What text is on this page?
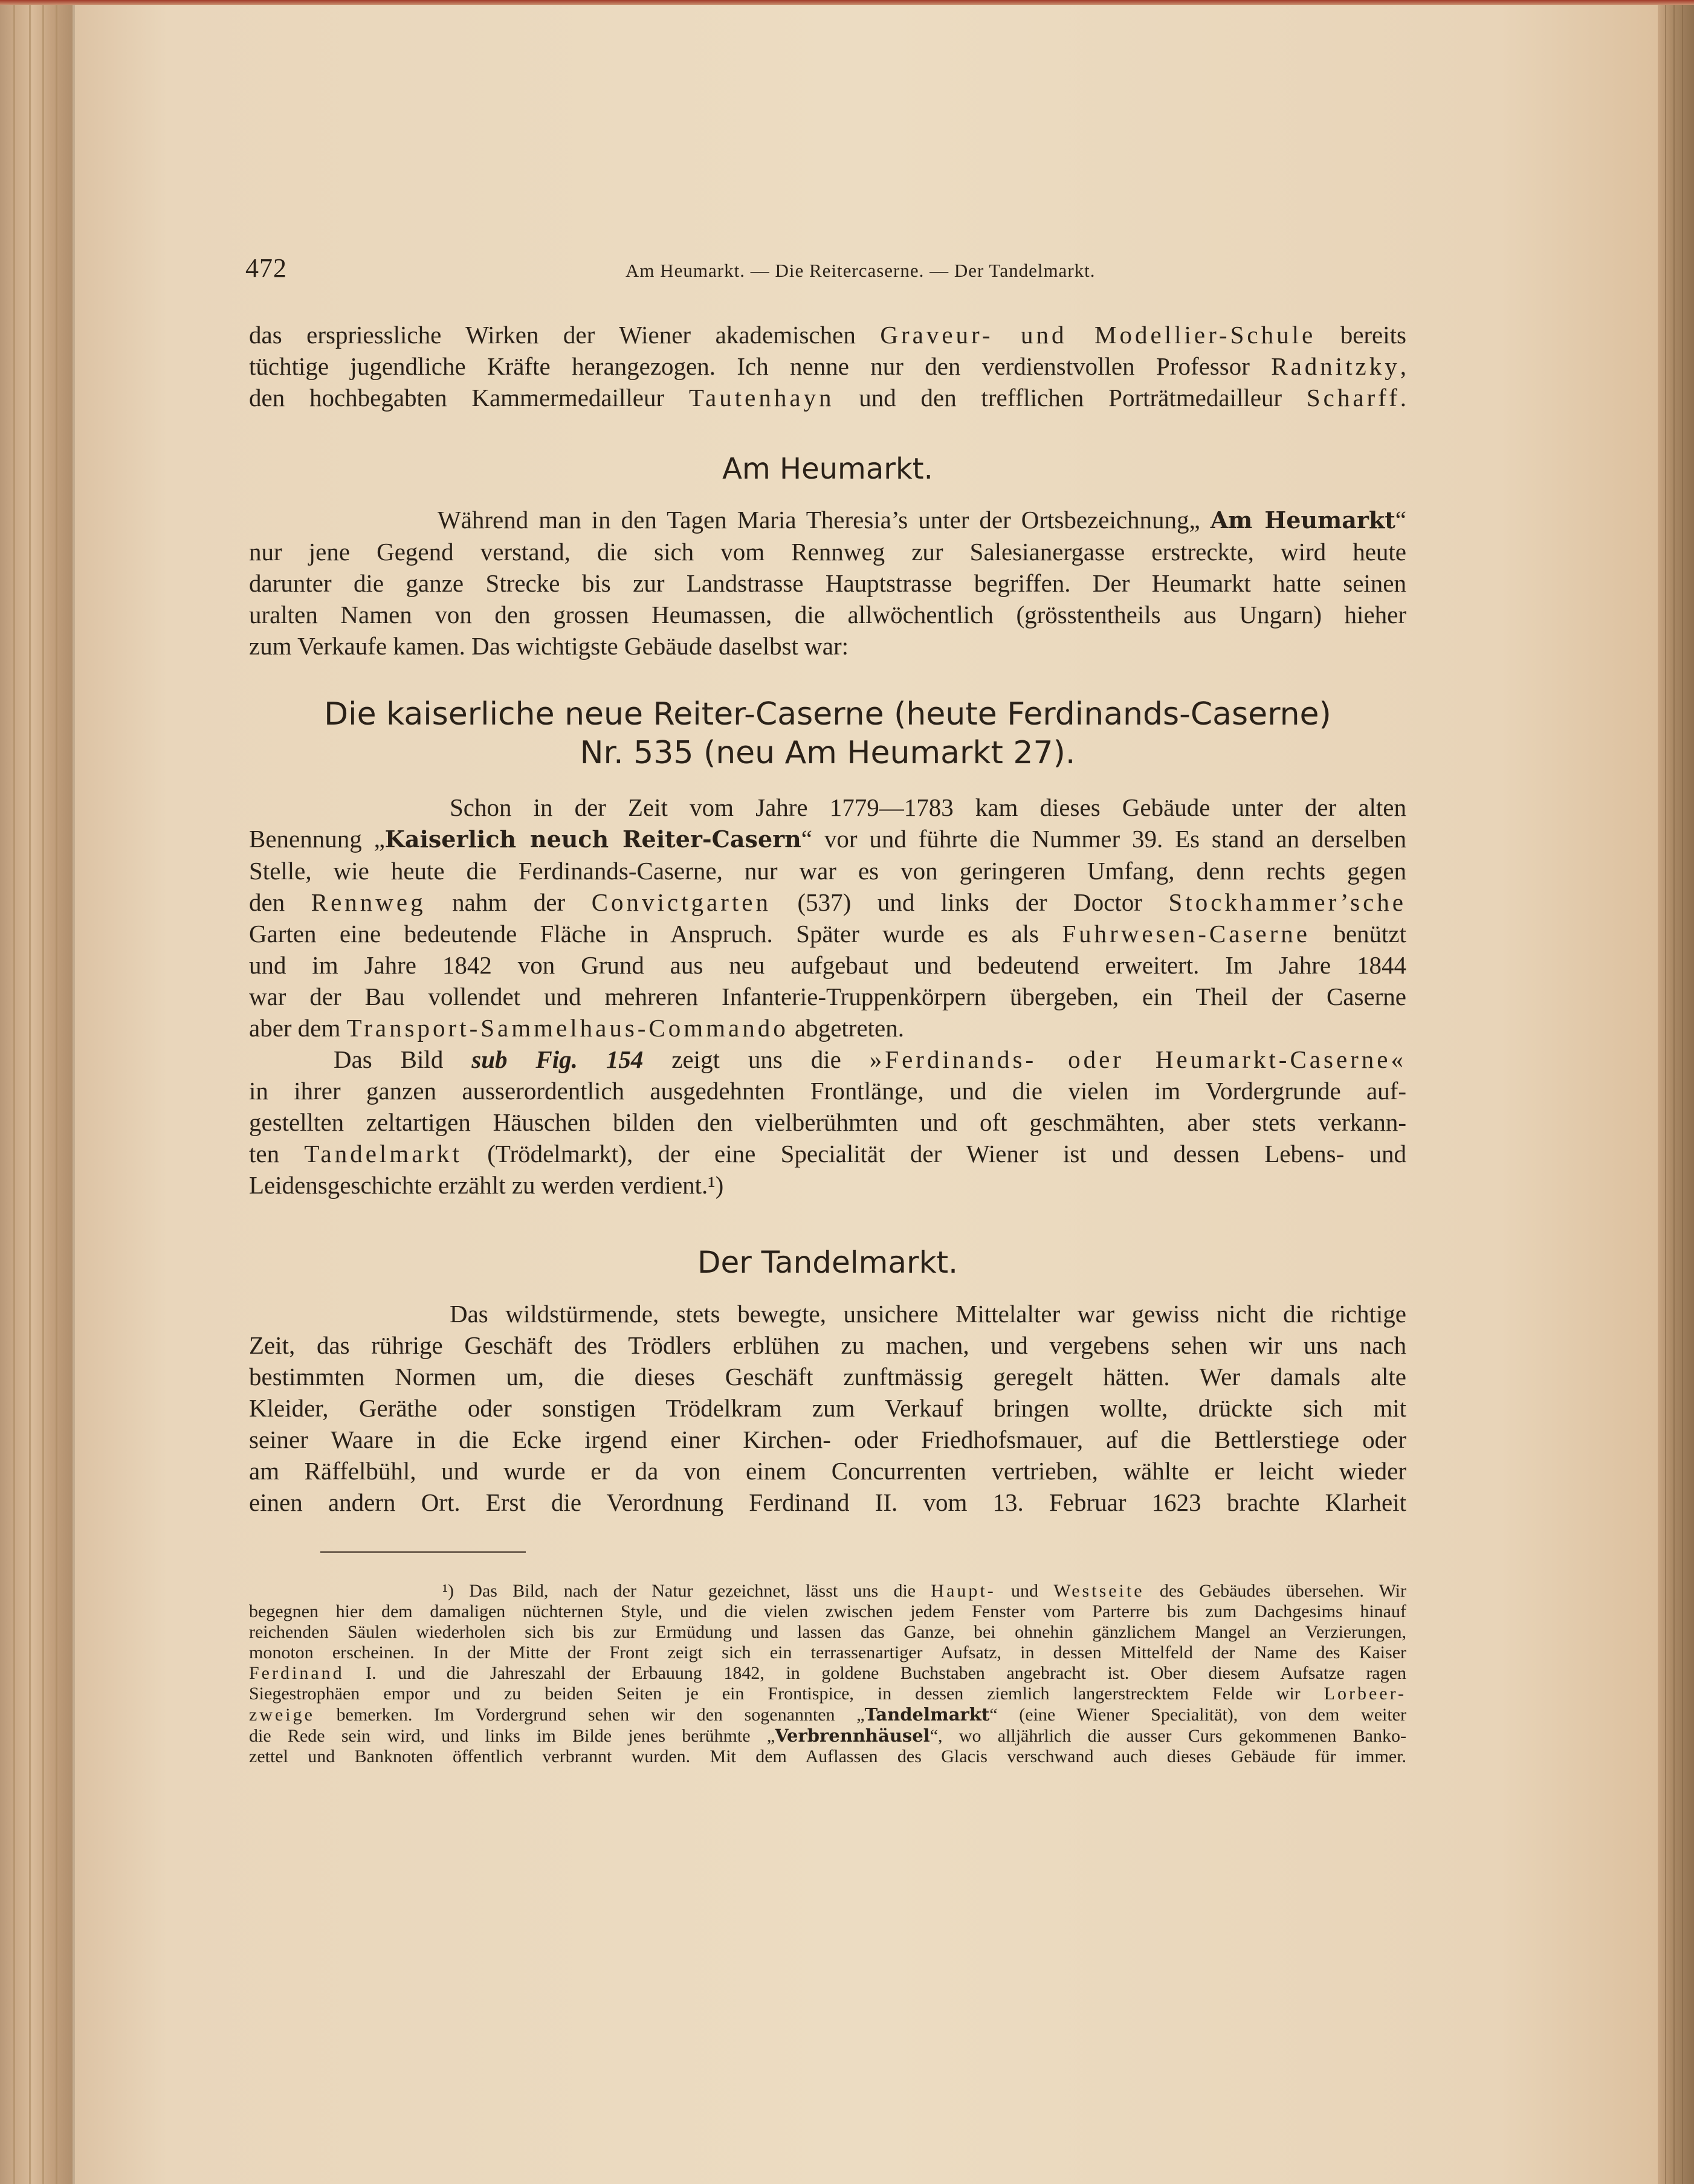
472	Am Heumarkt. — Die Reitercaserne. — Der Tandelmarkt.
das erspriessliche Wirken der Wiener akademischen Graveur- und Modellier-Schule bereits
tüchtige jugendliche Kräfte herangezogen. Ich nenne nur den verdienstvollen Professor Radnitzky,
den hochbegabten Kammermedailleur Tautenhayn und den trefflichen Porträtmedailleur Scharff.
Am Heumarkt.
Während man in den Tagen Maria Theresia’s unter der Ortsbezeichnung„ Am Heumarkt“
nur jene Gegend verstand, die sich vom Rennweg zur Salesianergasse erstreckte, wird heute
darunter die ganze Strecke bis zur Landstrasse Hauptstrasse begriffen. Der Heumarkt hatte seinen
uralten Namen von den grossen Heumassen, die allwöchentlich (grösstentheils aus Ungarn) hieher
zum Verkaufe kamen. Das wichtigste Gebäude daselbst war:
Die kaiserliche neue Reiter-Caserne (heute Ferdinands-Caserne)
Nr. 535 (neu Am Heumarkt 27).
Schon in der Zeit vom Jahre 1779—1783 kam dieses Gebäude unter der alten
Benennung „Kaiserlich neuch Reiter-Casern“ vor und führte die Nummer 39. Es stand an derselben
Stelle, wie heute die Ferdinands-Caserne, nur war es von geringeren Umfang, denn rechts gegen
den Rennweg nahm der Convictgarten (537) und links der Doctor Stockhammer’sche
Garten eine bedeutende Fläche in Anspruch. Später wurde es als Fuhrwesen-Caserne benützt
und im Jahre 1842 von Grund aus neu aufgebaut und bedeutend erweitert. Im Jahre 1844
war der Bau vollendet und mehreren Infanterie-Truppenkörpern übergeben, ein Theil der Caserne
aber dem Transport-Sammelhaus-Commando abgetreten.
Das Bild sub Fig. 154 zeigt uns die »Ferdinands- oder Heumarkt-Caserne«
in ihrer ganzen ausserordentlich ausgedehnten Frontlänge, und die vielen im Vordergrunde auf-
gestellten zeltartigen Häuschen bilden den vielberühmten und oft geschmähten, aber stets verkann-
ten Tandelmarkt (Trödelmarkt), der eine Specialität der Wiener ist und dessen Lebens- und
Leidensgeschichte erzählt zu werden verdient.¹)
Der Tandelmarkt.
Das wildstürmende, stets bewegte, unsichere Mittelalter war gewiss nicht die richtige
Zeit, das rührige Geschäft des Trödlers erblühen zu machen, und vergebens sehen wir uns nach
bestimmten Normen um, die dieses Geschäft zunftmässig geregelt hätten. Wer damals alte
Kleider, Geräthe oder sonstigen Trödelkram zum Verkauf bringen wollte, drückte sich mit
seiner Waare in die Ecke irgend einer Kirchen- oder Friedhofsmauer, auf die Bettlerstiege oder
am Räffelbühl, und wurde er da von einem Concurrenten vertrieben, wählte er leicht wieder
einen andern Ort. Erst die Verordnung Ferdinand II. vom 13. Februar 1623 brachte Klarheit
¹) Das Bild, nach der Natur gezeichnet, lässt uns die Haupt- und Westseite des Gebäudes übersehen. Wir
begegnen hier dem damaligen nüchternen Style, und die vielen zwischen jedem Fenster vom Parterre bis zum Dachgesims hinauf
reichenden Säulen wiederholen sich bis zur Ermüdung und lassen das Ganze, bei ohnehin gänzlichem Mangel an Verzierungen,
monoton erscheinen. In der Mitte der Front zeigt sich ein terrassenartiger Aufsatz, in dessen Mittelfeld der Name des Kaiser
Ferdinand I. und die Jahreszahl der Erbauung 1842, in goldene Buchstaben angebracht ist. Ober diesem Aufsatze ragen
Siegestrophäen empor und zu beiden Seiten je ein Frontispice, in dessen ziemlich langerstrecktem Felde wir Lorbeer-
zweige bemerken. Im Vordergrund sehen wir den sogenannten „Tandelmarkt“ (eine Wiener Specialität), von dem weiter
die Rede sein wird, und links im Bilde jenes berühmte „Verbrennhäusel“, wo alljährlich die ausser Curs gekommenen Banko-
zettel und Banknoten öffentlich verbrannt wurden. Mit dem Auflassen des Glacis verschwand auch dieses Gebäude für immer.
